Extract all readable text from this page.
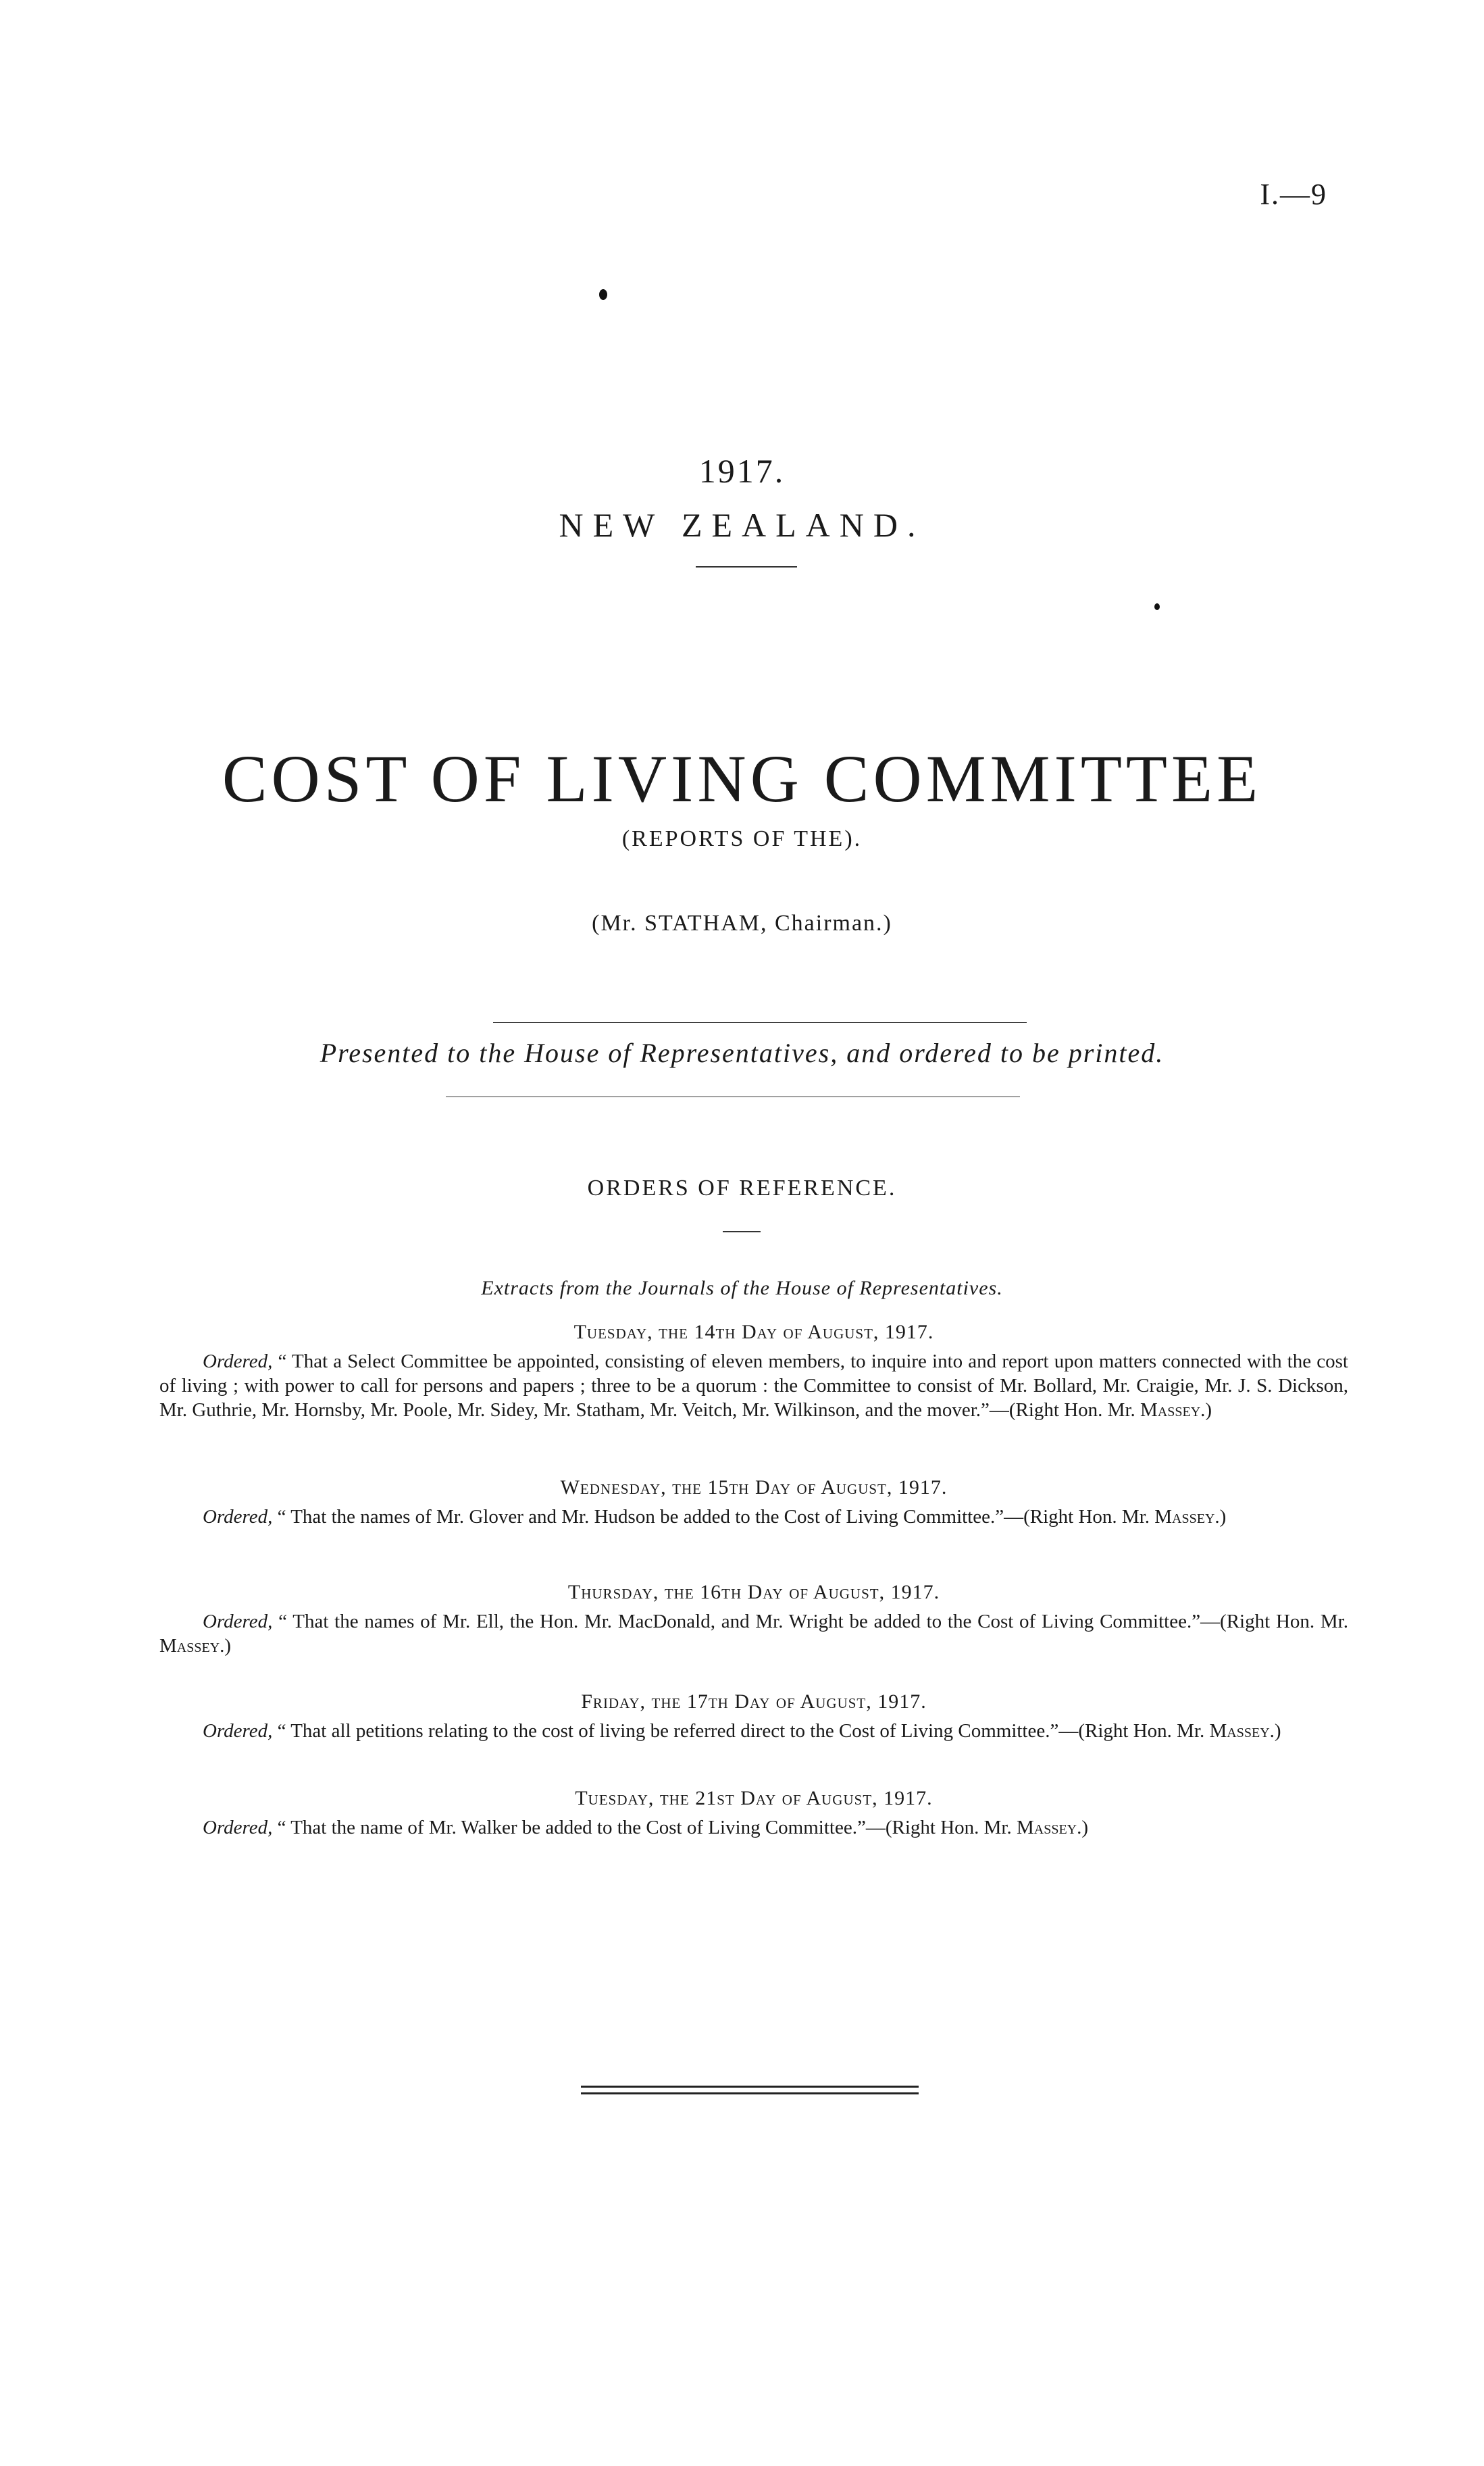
I.—9
1917.
NEW ZEALAND.
COST OF LIVING COMMITTEE
(REPORTS OF THE).
(Mr. STATHAM, Chairman.)
Presented to the House of Representatives, and ordered to be printed.
ORDERS OF REFERENCE.
Extracts from the Journals of the House of Representatives.
Tuesday, the 14th Day of August, 1917.

Ordered, “ That a Select Committee be appointed, consisting of eleven members, to inquire into and report upon matters connected with the cost of living ; with power to call for persons and papers ; three to be a quorum : the Committee to consist of Mr. Bollard, Mr. Craigie, Mr. J. S. Dickson, Mr. Guthrie, Mr. Hornsby, Mr. Poole, Mr. Sidey, Mr. Statham, Mr. Veitch, Mr. Wilkinson, and the mover.”—(Right Hon. Mr. Massey.)

Wednesday, the 15th Day of August, 1917.

Ordered, “ That the names of Mr. Glover and Mr. Hudson be added to the Cost of Living Committee.”—(Right Hon. Mr. Massey.)

Thursday, the 16th Day of August, 1917.

Ordered, “ That the names of Mr. Ell, the Hon. Mr. MacDonald, and Mr. Wright be added to the Cost of Living Committee.”—(Right Hon. Mr. Massey.)

Friday, the 17th Day of August, 1917.

Ordered, “ That all petitions relating to the cost of living be referred direct to the Cost of Living Committee.”—(Right Hon. Mr. Massey.)

Tuesday, the 21st Day of August, 1917.

Ordered, “ That the name of Mr. Walker be added to the Cost of Living Committee.”—(Right Hon. Mr. Massey.)
